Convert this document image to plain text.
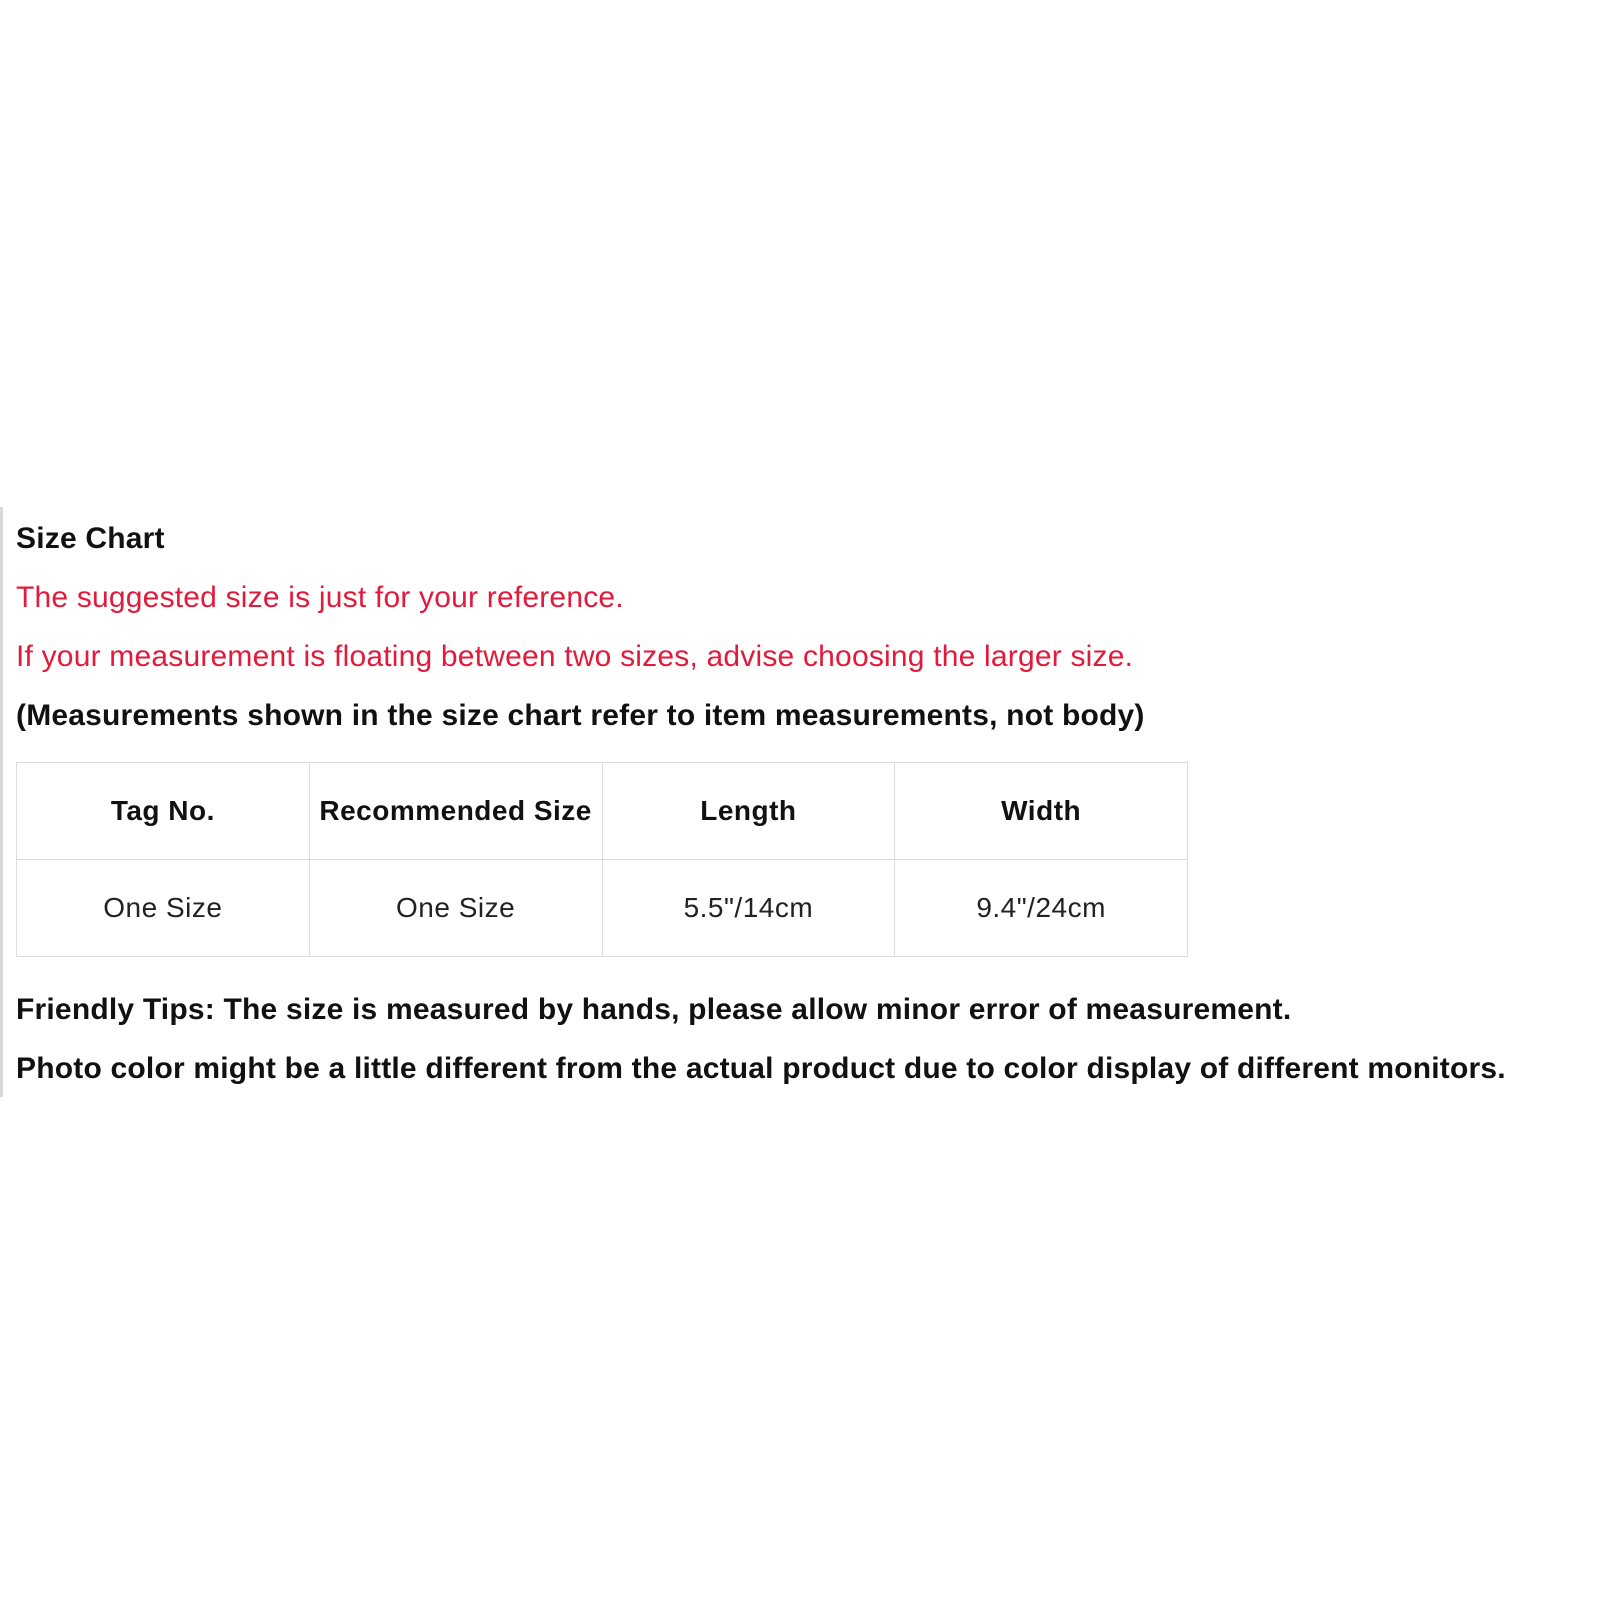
Size Chart
The suggested size is just for your reference.
If your measurement is floating between two sizes, advise choosing the larger size.
(Measurements shown in the size chart refer to item measurements, not body)
Tag No.	Recommended Size	Length	Width
One Size	One Size	5.5"/14cm	9.4"/24cm
Friendly Tips: The size is measured by hands, please allow minor error of measurement.
Photo color might be a little different from the actual product due to color display of different monitors.
